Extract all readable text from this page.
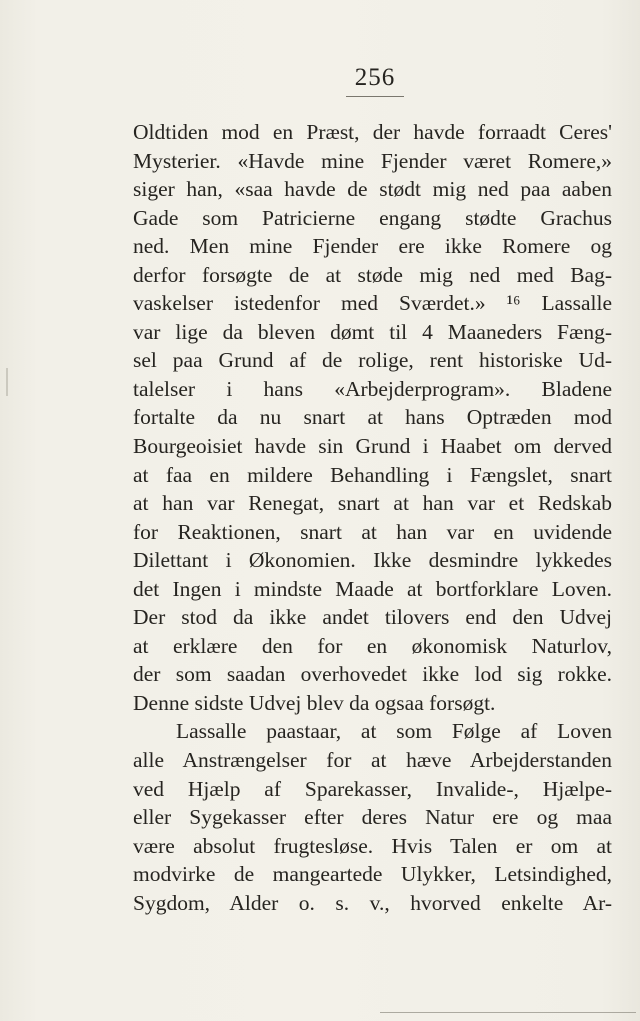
256
Oldtiden mod en Præst, der havde forraadt Ceres'
Mysterier. «Havde mine Fjender været Romere,»
siger han, «saa havde de stødt mig ned paa aaben
Gade som Patricierne engang stødte Grachus
ned. Men mine Fjender ere ikke Romere og
derfor forsøgte de at støde mig ned med Bag-
vaskelser istedenfor med Sværdet.» ¹⁶ Lassalle
var lige da bleven dømt til 4 Maaneders Fæng-
sel paa Grund af de rolige, rent historiske Ud-
talelser i hans «Arbejderprogram». Bladene
fortalte da nu snart at hans Optræden mod
Bourgeoisiet havde sin Grund i Haabet om derved
at faa en mildere Behandling i Fængslet, snart
at han var Renegat, snart at han var et Redskab
for Reaktionen, snart at han var en uvidende
Dilettant i Økonomien. Ikke desmindre lykkedes
det Ingen i mindste Maade at bortforklare Loven.
Der stod da ikke andet tilovers end den Udvej
at erklære den for en økonomisk Naturlov,
der som saadan overhovedet ikke lod sig rokke.
Denne sidste Udvej blev da ogsaa forsøgt.
Lassalle paastaar, at som Følge af Loven
alle Anstrængelser for at hæve Arbejderstanden
ved Hjælp af Sparekasser, Invalide-, Hjælpe-
eller Sygekasser efter deres Natur ere og maa
være absolut frugtesløse. Hvis Talen er om at
modvirke de mangeartede Ulykker, Letsindighed,
Sygdom, Alder o. s. v., hvorved enkelte Ar-
